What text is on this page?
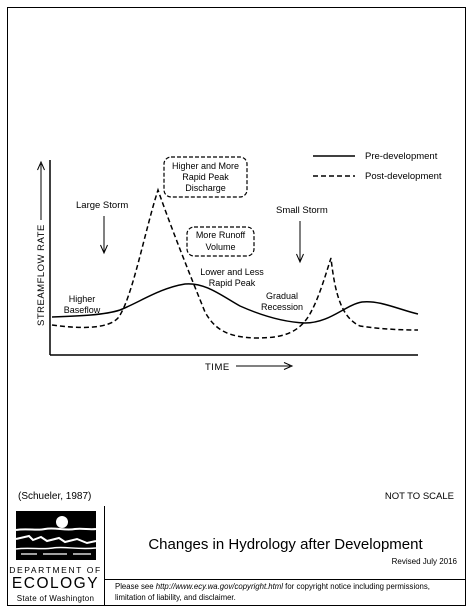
STREAMFLOW RATE
TIME
Pre-development
Post-development
Large Storm	Small Storm
Higher and More
Rapid Peak
Discharge
More Runoff
Volume
Lower and Less
Rapid Peak
Higher
Baseflow
Gradual
Recession
(Schueler, 1987)	NOT TO SCALE
DEPARTMENT OF
ECOLOGY
State of Washington
Changes in Hydrology after Development
Revised July 2016
Please see http://www.ecy.wa.gov/copyright.html for copyright notice including permissions, limitation of liability, and disclaimer.
